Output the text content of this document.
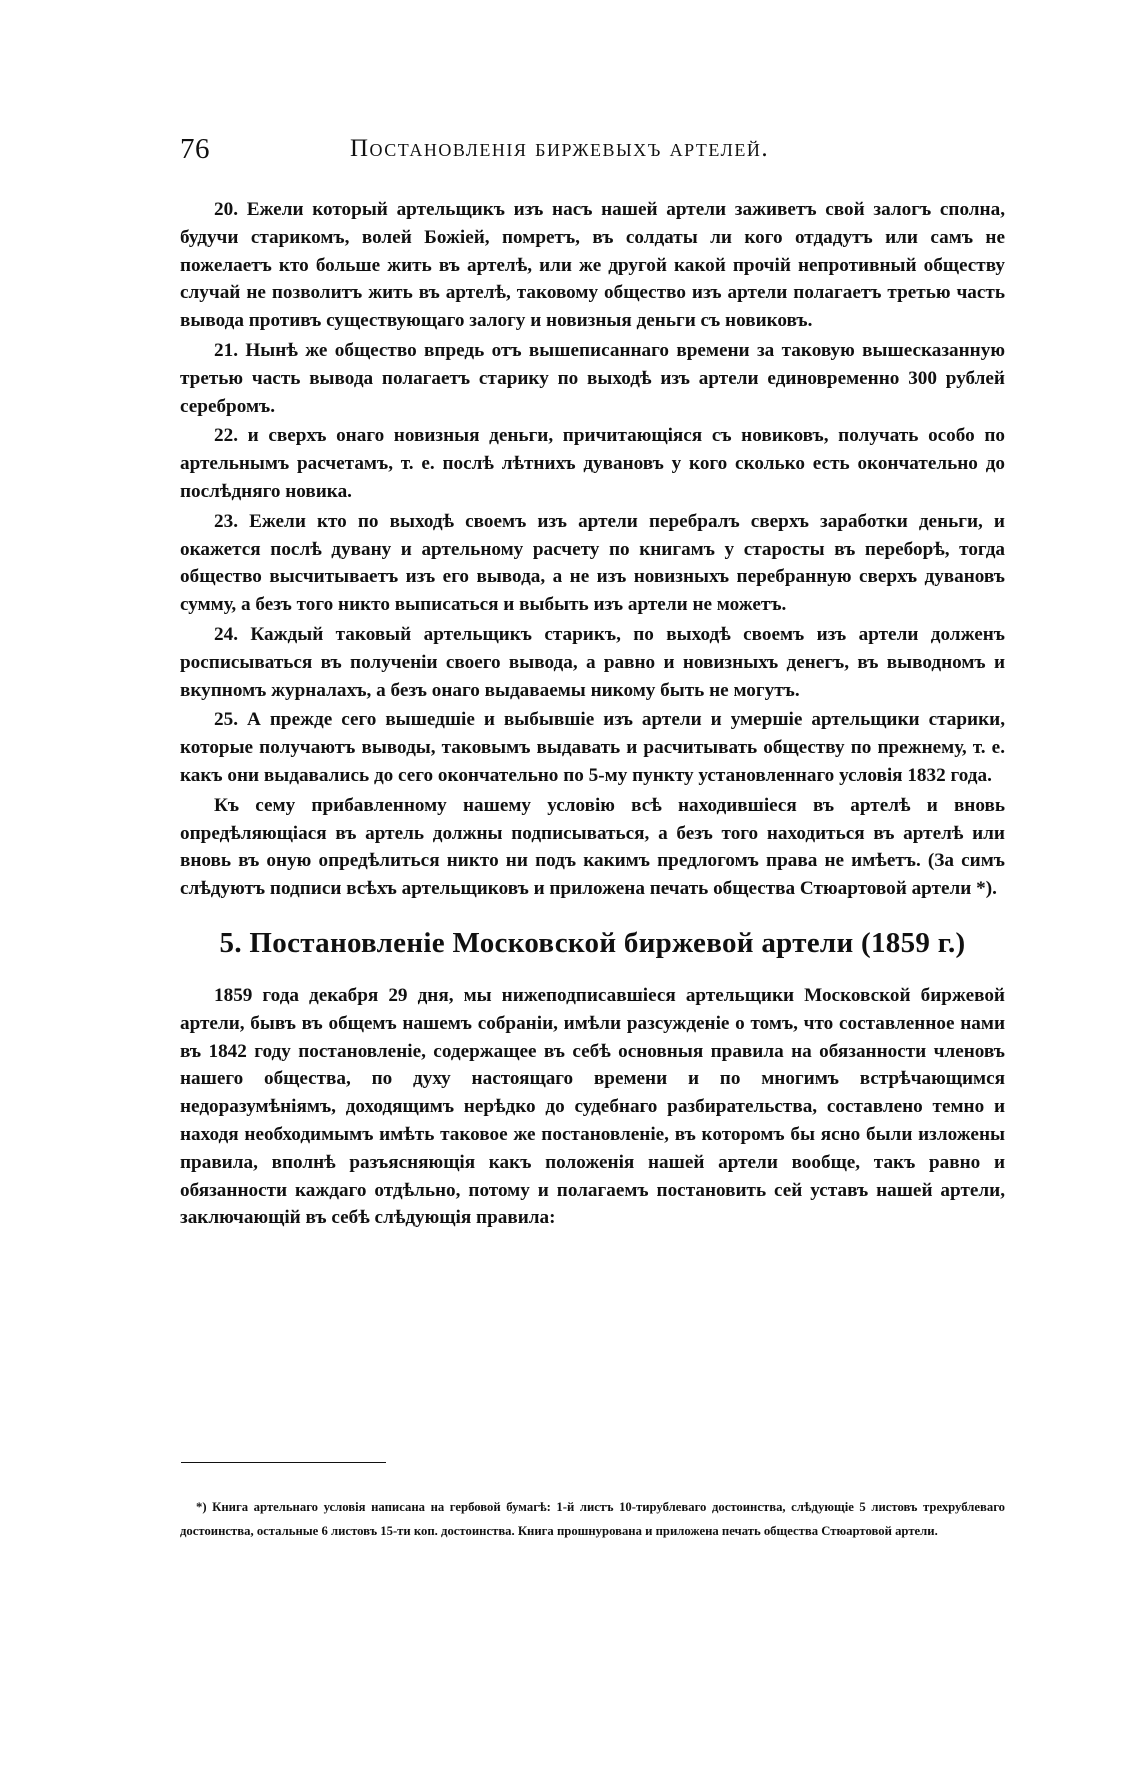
76	Постановленія биржевыхъ артелей.

20. Ежели который артельщикъ изъ насъ нашей артели заживетъ свой залогъ сполна, будучи старикомъ, волей Божіей, помретъ, въ солдаты ли кого отдадутъ или самъ не пожелаетъ кто больше жить въ артелѣ, или же другой какой прочій непротивный обществу случай не позволитъ жить въ артелѣ, таковому общество изъ артели полагаетъ третью часть вывода противъ существующаго залогу и новизныя деньги съ новиковъ.

21. Нынѣ же общество впредь отъ вышеписаннаго времени за таковую вышесказанную третью часть вывода полагаетъ старику по выходѣ изъ артели единовременно 300 рублей серебромъ.

22. и сверхъ онаго новизныя деньги, причитающіяся съ новиковъ, получать особо по артельнымъ расчетамъ, т. е. послѣ лѣтнихъ дувановъ у кого сколько есть окончательно до послѣдняго новика.

23. Ежели кто по выходѣ своемъ изъ артели перебралъ сверхъ заработки деньги, и окажется послѣ дувану и артельному расчету по книгамъ у старосты въ переборѣ, тогда общество высчитываетъ изъ его вывода, а не изъ новизныхъ перебранную сверхъ дувановъ сумму, а безъ того никто выписаться и выбыть изъ артели не можетъ.

24. Каждый таковый артельщикъ старикъ, по выходѣ своемъ изъ артели долженъ росписываться въ полученіи своего вывода, а равно и новизныхъ денегъ, въ выводномъ и вкупномъ журналахъ, а безъ онаго выдаваемы никому быть не могутъ.

25. А прежде сего вышедшіе и выбывшіе изъ артели и умершіе артельщики старики, которые получаютъ выводы, таковымъ выдавать и расчитывать обществу по прежнему, т. е. какъ они выдавались до сего окончательно по 5-му пункту установленнаго условія 1832 года.

Къ сему прибавленному нашему условію всѣ находившіеся въ артелѣ и вновь опредѣляющіася въ артель должны подписываться, а безъ того находиться въ артелѣ или вновь въ оную опредѣлиться никто ни подъ какимъ предлогомъ права не имѣетъ. (За симъ слѣдуютъ подписи всѣхъ артельщиковъ и приложена печать общества Стюартовой артели *).

5. Постановленіе Московской биржевой артели (1859 г.)

1859 года декабря 29 дня, мы нижеподписавшіеся артельщики Московской биржевой артели, бывъ въ общемъ нашемъ собраніи, имѣли разсужденіе о томъ, что составленное нами въ 1842 году постановленіе, содержащее въ себѣ основныя правила на обязанности членовъ нашего общества, по духу настоящаго времени и по многимъ встрѣчающимся недоразумѣніямъ, доходящимъ нерѣдко до судебнаго разбирательства, составлено темно и находя необходимымъ имѣть таковое же постановленіе, въ которомъ бы ясно были изложены правила, вполнѣ разъясняющія какъ положенія нашей артели вообще, такъ равно и обязанности каждаго отдѣльно, потому и полагаемъ постановить сей уставъ нашей артели, заключающій въ себѣ слѣдующія правила:

*) Книга артельнаго условія написана на гербовой бумагѣ: 1-й листъ 10-тирублеваго достоинства, слѣдующіе 5 листовъ трехрублеваго достоинства, остальные 6 листовъ 15-ти коп. достоинства. Книга прошнурована и приложена печать общества Стюартовой артели.
